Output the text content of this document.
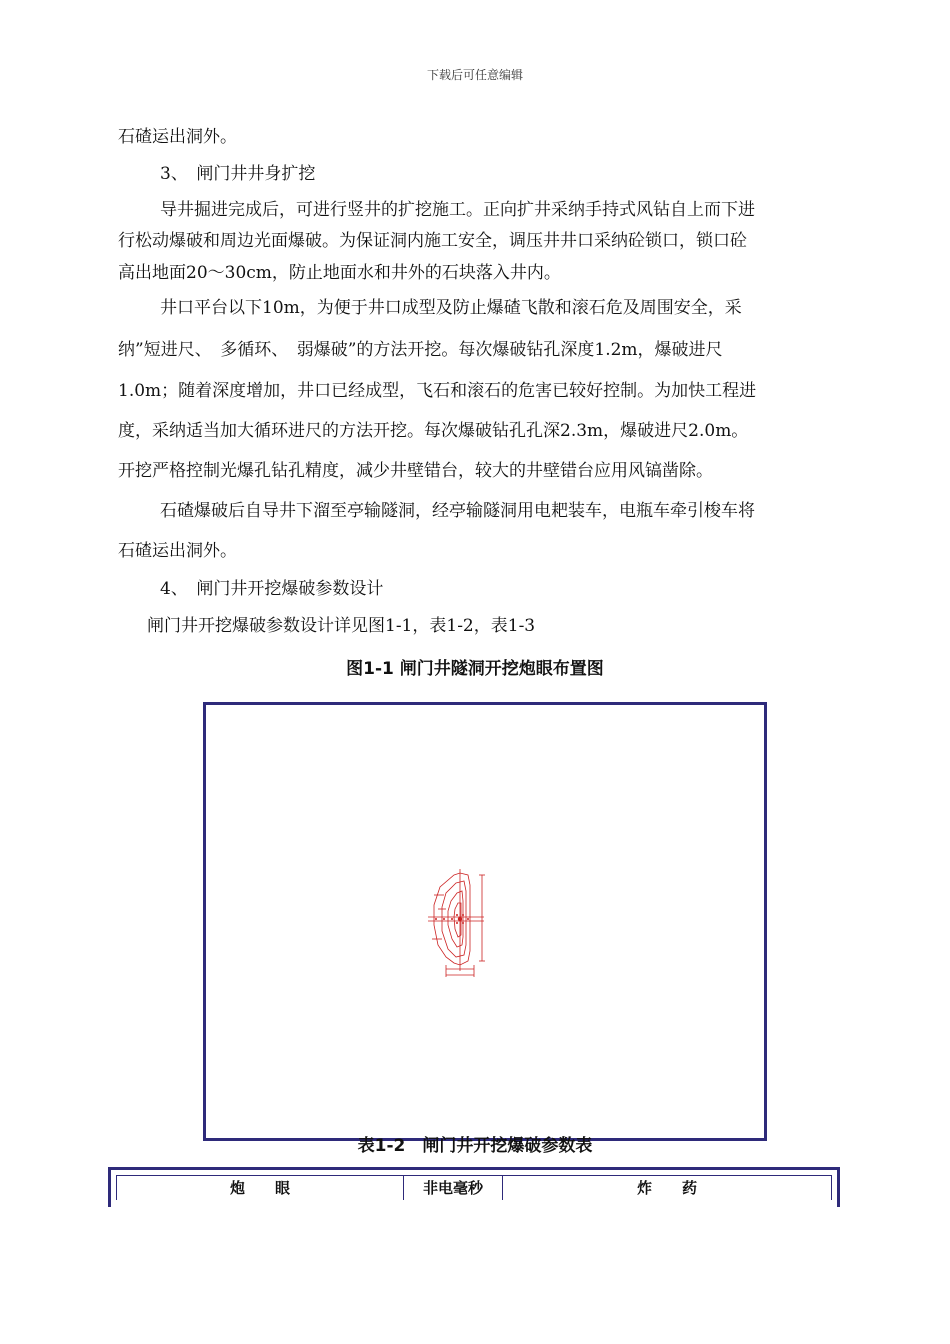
下载后可任意编辑
石碴运出洞外。
3、　闸门井井身扩挖
导井掘进完成后，可进行竖井的扩挖施工。正向扩井采纳手持式风钻自上而下进
行松动爆破和周边光面爆破。为保证洞内施工安全，调压井井口采纳砼锁口，锁口砼
高出地面20～30cm，防止地面水和井外的石块落入井内。
井口平台以下10m，为便于井口成型及防止爆碴飞散和滚石危及周围安全，采
纳”短进尺、　多循环、　弱爆破”的方法开挖。每次爆破钻孔深度1.2m，爆破进尺
1.0m；随着深度增加，井口已经成型，飞石和滚石的危害已较好控制。为加快工程进
度，采纳适当加大循环进尺的方法开挖。每次爆破钻孔孔深2.3m，爆破进尺2.0m。
开挖严格控制光爆孔钻孔精度，减少井壁错台，较大的井壁错台应用风镐凿除。
石碴爆破后自导井下溜至亭输隧洞，经亭输隧洞用电耙装车，电瓶车牵引梭车将
石碴运出洞外。
4、　闸门井开挖爆破参数设计
闸门井开挖爆破参数设计详见图1-1，表1-2，表1-3
图1-1 闸门井隧洞开挖炮眼布置图
表1-2　闸门井开挖爆破参数表
炮　　眼	非电毫秒	炸　　药
